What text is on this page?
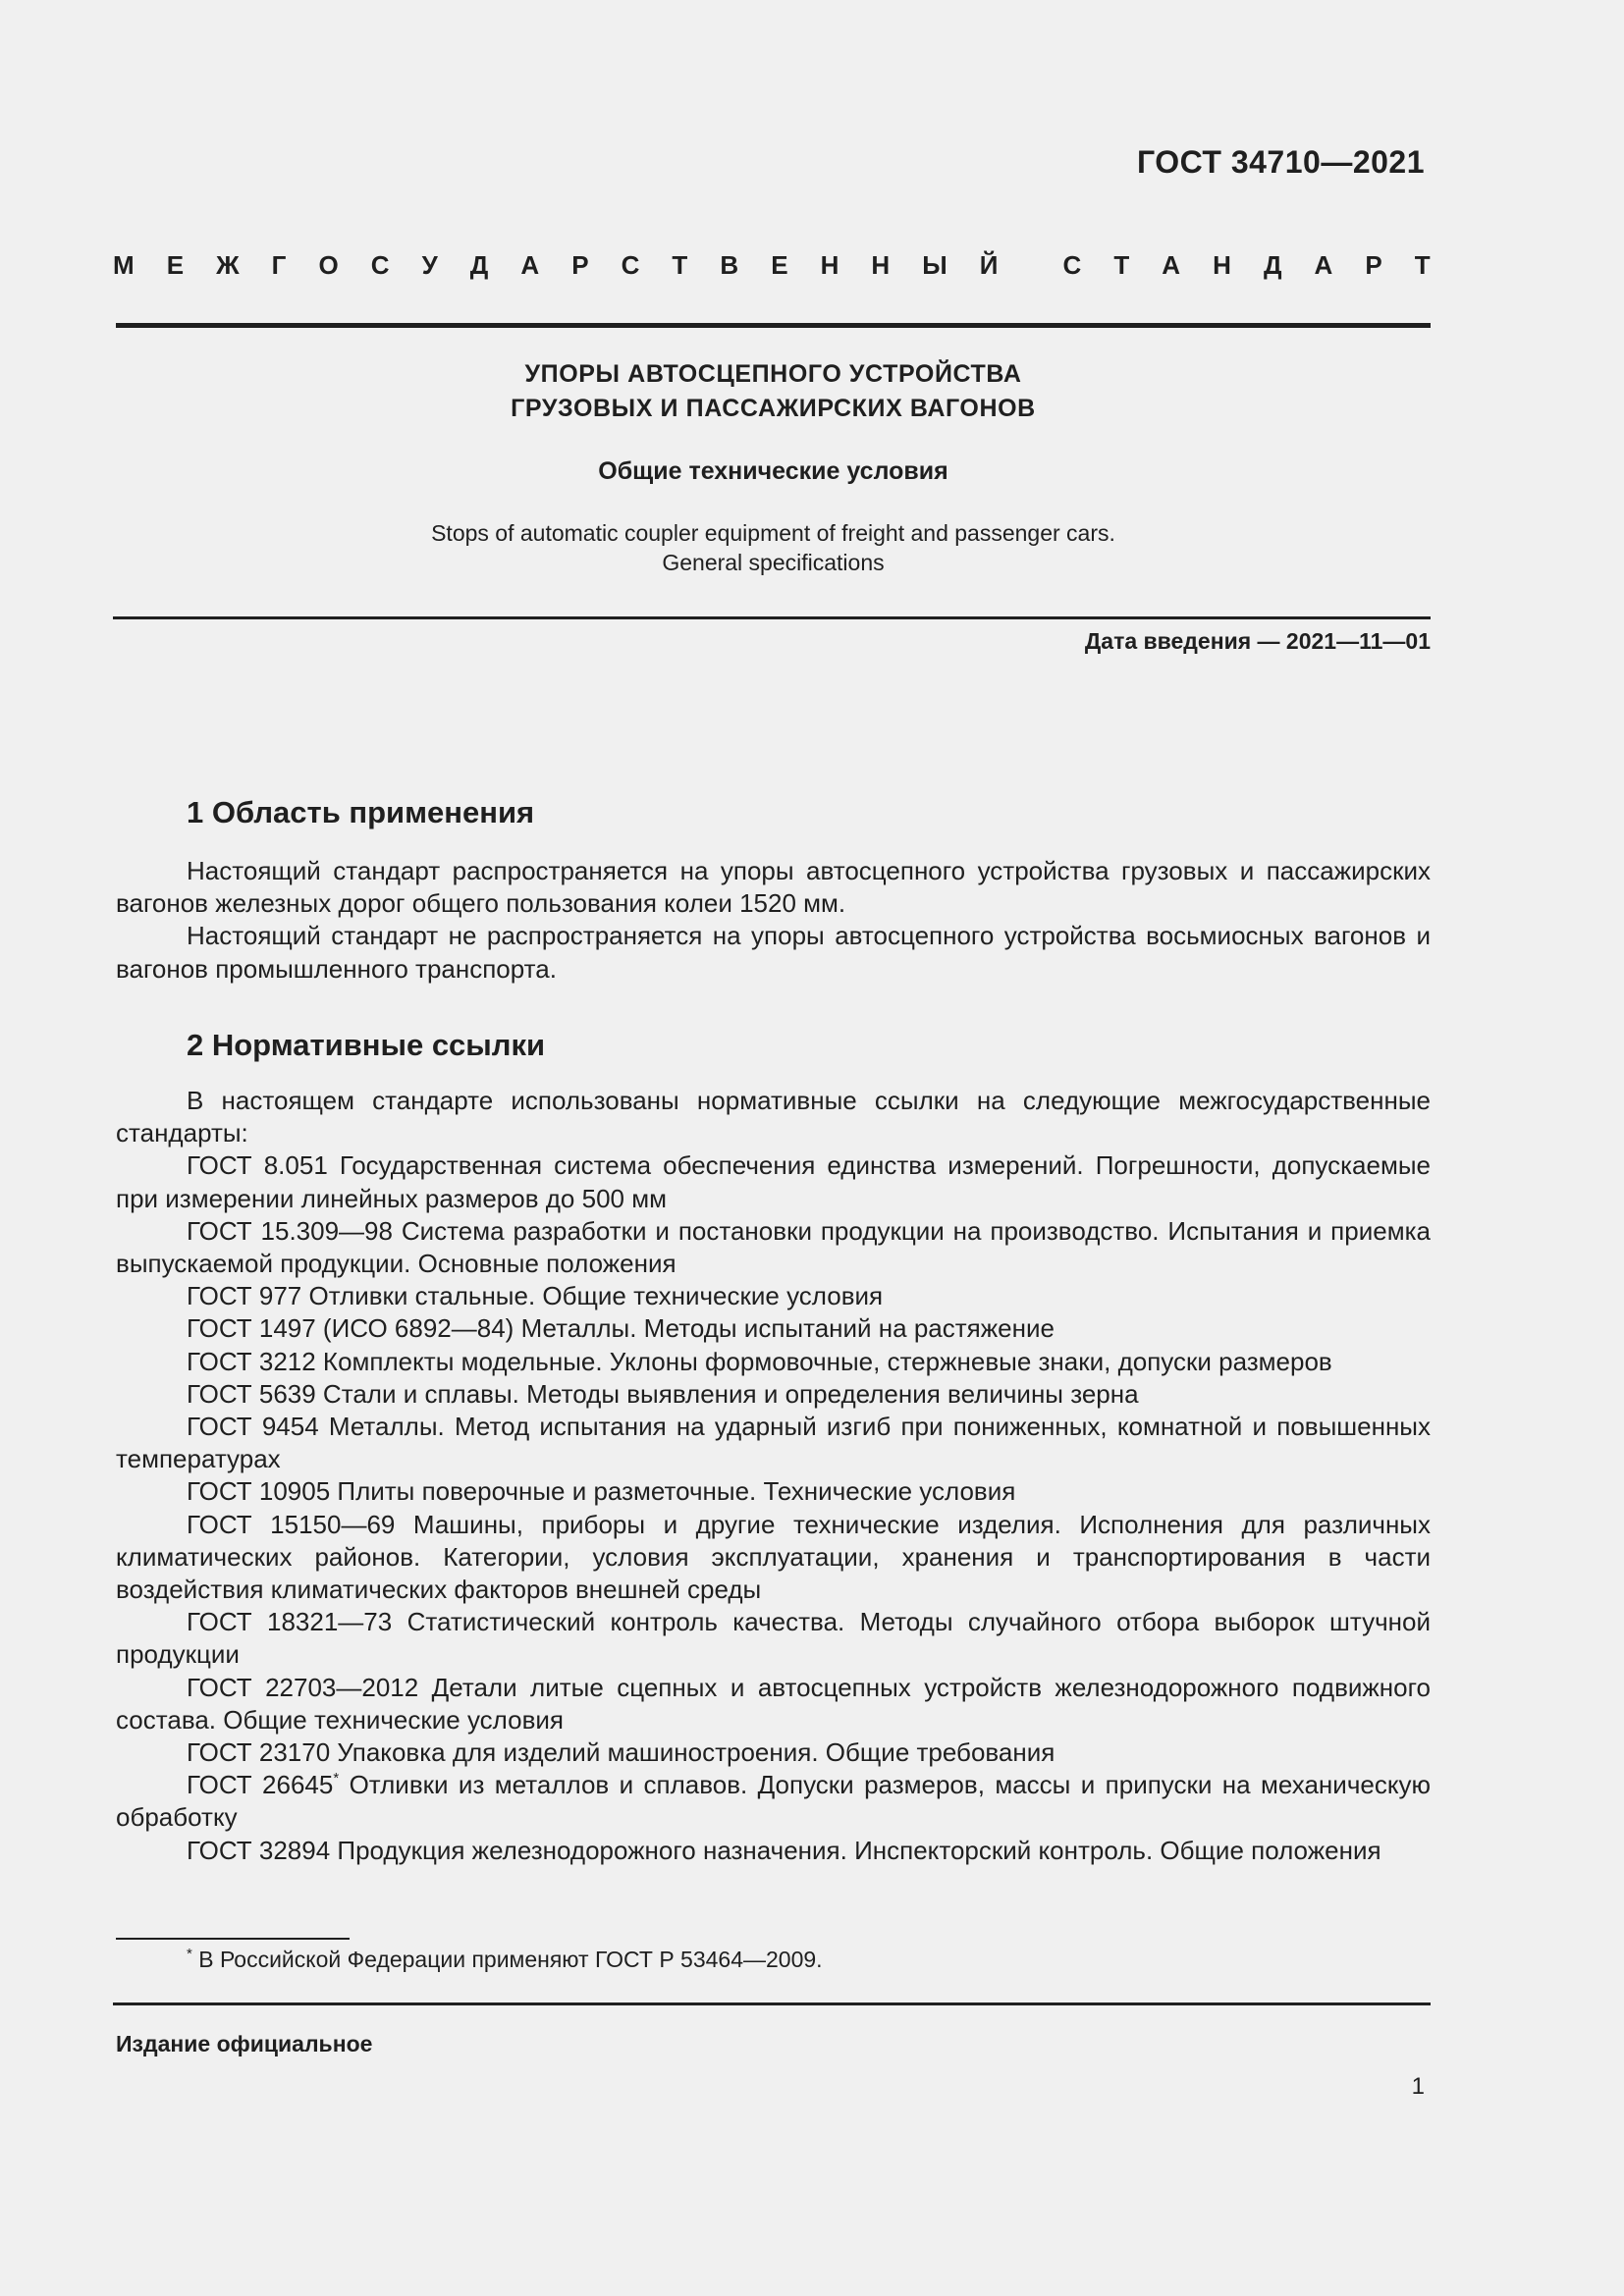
ГОСТ 34710—2021
М Е Ж Г О С У Д А Р С Т В Е Н Н Ы Й	С Т А Н Д А Р Т
УПОРЫ АВТОСЦЕПНОГО УСТРОЙСТВА
ГРУЗОВЫХ И ПАССАЖИРСКИХ ВАГОНОВ
Общие технические условия
Stops of automatic coupler equipment of freight and passenger cars.
General specifications
Дата введения — 2021—11—01
1 Область применения

Настоящий стандарт распространяется на упоры автосцепного устройства грузовых и пассажирских вагонов железных дорог общего пользования колеи 1520 мм.

Настоящий стандарт не распространяется на упоры автосцепного устройства восьмиосных вагонов и вагонов промышленного транспорта.

2 Нормативные ссылки

В настоящем стандарте использованы нормативные ссылки на следующие межгосударственные стандарты:

ГОСТ 8.051 Государственная система обеспечения единства измерений. Погрешности, допускаемые при измерении линейных размеров до 500 мм

ГОСТ 15.309—98 Система разработки и постановки продукции на производство. Испытания и приемка выпускаемой продукции. Основные положения

ГОСТ 977 Отливки стальные. Общие технические условия

ГОСТ 1497 (ИСО 6892—84) Металлы. Методы испытаний на растяжение

ГОСТ 3212 Комплекты модельные. Уклоны формовочные, стержневые знаки, допуски размеров

ГОСТ 5639 Стали и сплавы. Методы выявления и определения величины зерна

ГОСТ 9454 Металлы. Метод испытания на ударный изгиб при пониженных, комнатной и повышенных температурах

ГОСТ 10905 Плиты поверочные и разметочные. Технические условия

ГОСТ 15150—69 Машины, приборы и другие технические изделия. Исполнения для различных климатических районов. Категории, условия эксплуатации, хранения и транспортирования в части воздействия климатических факторов внешней среды

ГОСТ 18321—73 Статистический контроль качества. Методы случайного отбора выборок штучной продукции

ГОСТ 22703—2012 Детали литые сцепных и автосцепных устройств железнодорожного подвижного состава. Общие технические условия

ГОСТ 23170 Упаковка для изделий машиностроения. Общие требования

ГОСТ 26645* Отливки из металлов и сплавов. Допуски размеров, массы и припуски на механическую обработку

ГОСТ 32894 Продукция железнодорожного назначения. Инспекторский контроль. Общие положения

* В Российской Федерации применяют ГОСТ Р 53464—2009.
Издание официальное
1
